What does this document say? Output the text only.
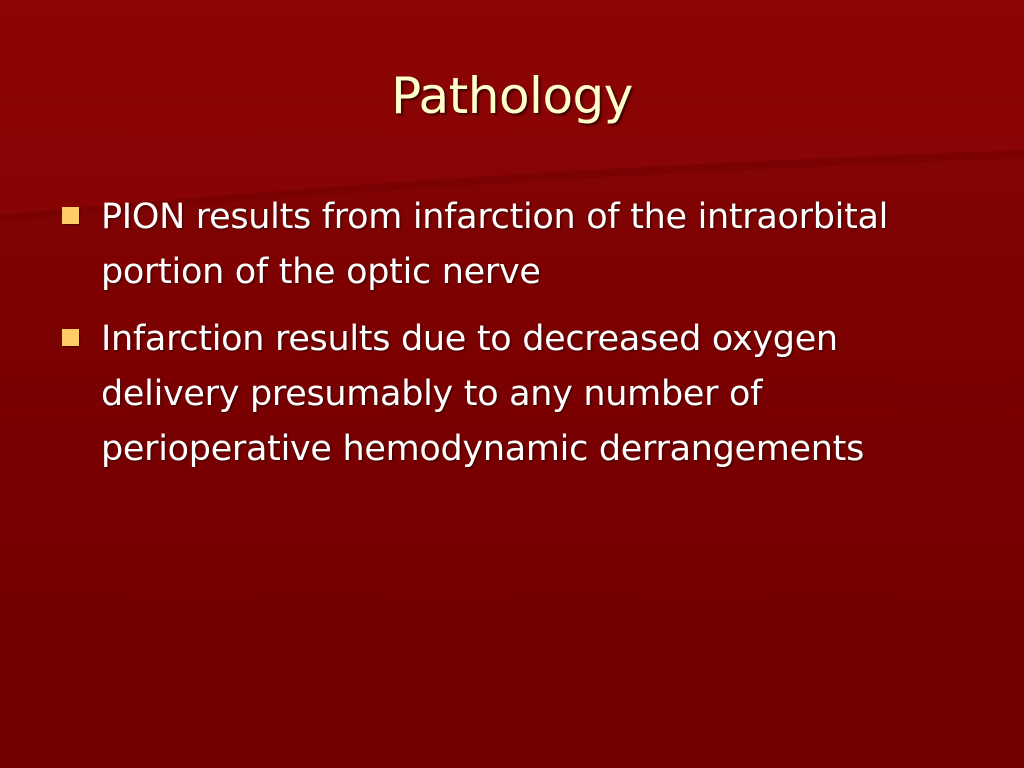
Pathology
PION results from infarction of the intraorbital portion of the optic nerve
Infarction results due to decreased oxygen delivery presumably to any number of perioperative hemodynamic derrangements
